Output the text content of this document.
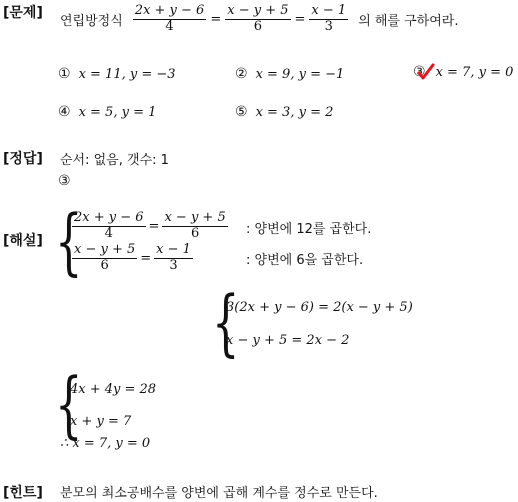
[문제] 연립방정식 $\frac{2x + y - 6}{4} = \frac{x - y + 5}{6} = \frac{x - 1}{3}$ 의 해를 구하여라.
① x = 11, y = −3	② x = 9, y = −1	③ x = 7, y = 0
④ x = 5, y = 1	⑤ x = 3, y = 2
[정답] 순서: 없음, 갯수: 1
③
[해설] {
$\frac{2x + y - 6}{4} = \frac{x - y + 5}{6}$ : 양변에 12를 곱한다.
$\frac{x - y + 5}{6} = \frac{x - 1}{3}$	: 양변에 6을 곱한다.
{
3(2x + y − 6) = 2(x − y + 5)
x − y + 5 = 2x − 2
{
4x + 4y = 28
x + y = 7
∴ x = 7, y = 0
[힌트] 분모의 최소공배수를 양변에 곱해 계수를 정수로 만든다.
